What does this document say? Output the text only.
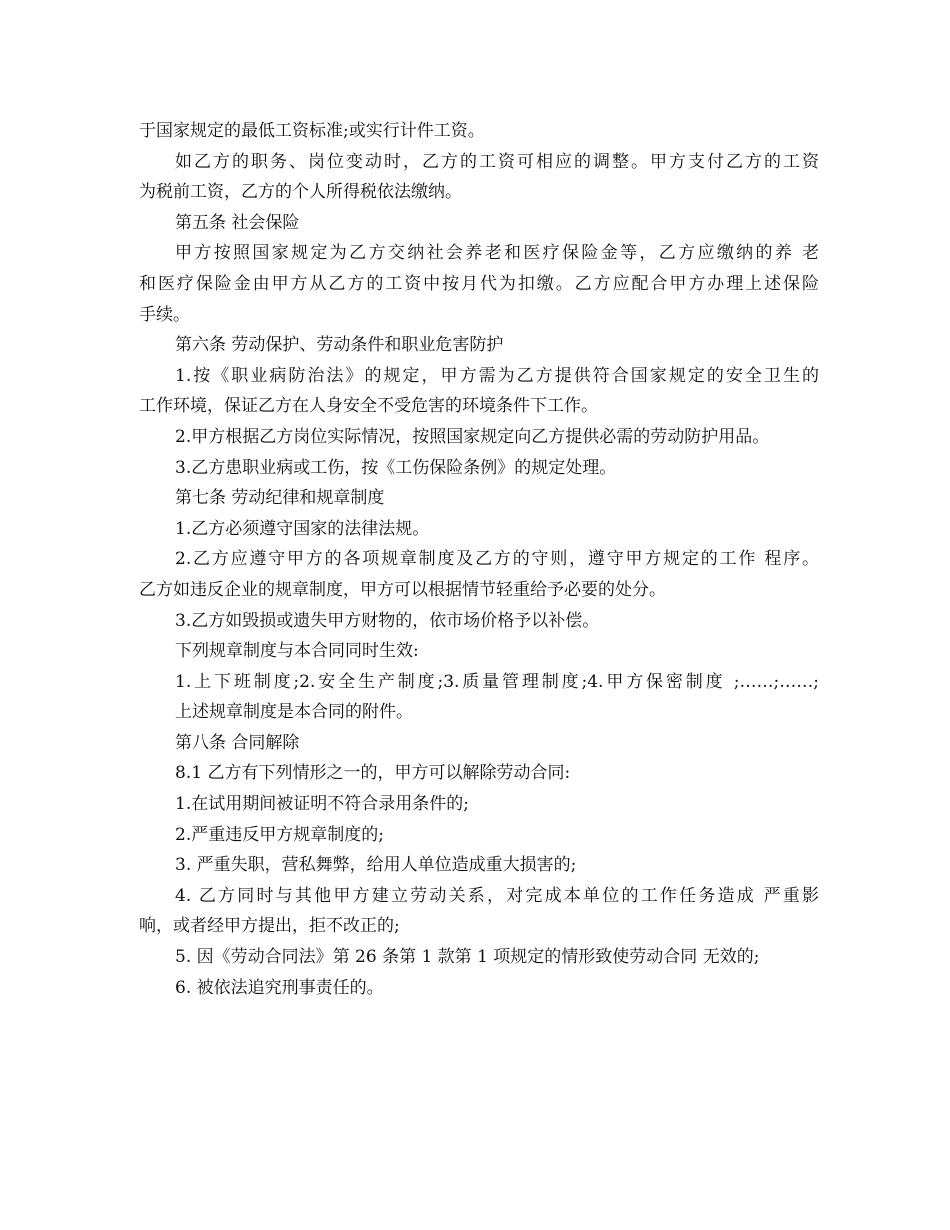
于国家规定的最低工资标准;或实行计件工资。
如乙方的职务、岗位变动时，乙方的工资可相应的调整。甲方支付乙方的工资
为税前工资，乙方的个人所得税依法缴纳。
第五条 社会保险
甲方按照国家规定为乙方交纳社会养老和医疗保险金等，乙方应缴纳的养 老
和医疗保险金由甲方从乙方的工资中按月代为扣缴。乙方应配合甲方办理上述保险
手续。
第六条 劳动保护、劳动条件和职业危害防护
1.按《职业病防治法》的规定，甲方需为乙方提供符合国家规定的安全卫生的
工作环境，保证乙方在人身安全不受危害的环境条件下工作。
2.甲方根据乙方岗位实际情况，按照国家规定向乙方提供必需的劳动防护用品。
3.乙方患职业病或工伤，按《工伤保险条例》的规定处理。
第七条 劳动纪律和规章制度
1.乙方必须遵守国家的法律法规。
2.乙方应遵守甲方的各项规章制度及乙方的守则，遵守甲方规定的工作 程序。
乙方如违反企业的规章制度，甲方可以根据情节轻重给予必要的处分。
3.乙方如毁损或遗失甲方财物的，依市场价格予以补偿。
下列规章制度与本合同同时生效:
1.上下班制度;2.安全生产制度;3.质量管理制度;4.甲方保密制度 ;……;……;
上述规章制度是本合同的附件。
第八条 合同解除
8.1 乙方有下列情形之一的，甲方可以解除劳动合同:
1.在试用期间被证明不符合录用条件的;
2.严重违反甲方规章制度的;
3. 严重失职，营私舞弊，给用人单位造成重大损害的;
4. 乙方同时与其他甲方建立劳动关系，对完成本单位的工作任务造成 严重影
响，或者经甲方提出，拒不改正的;
5. 因《劳动合同法》第 26 条第 1 款第 1 项规定的情形致使劳动合同 无效的;
6. 被依法追究刑事责任的。
